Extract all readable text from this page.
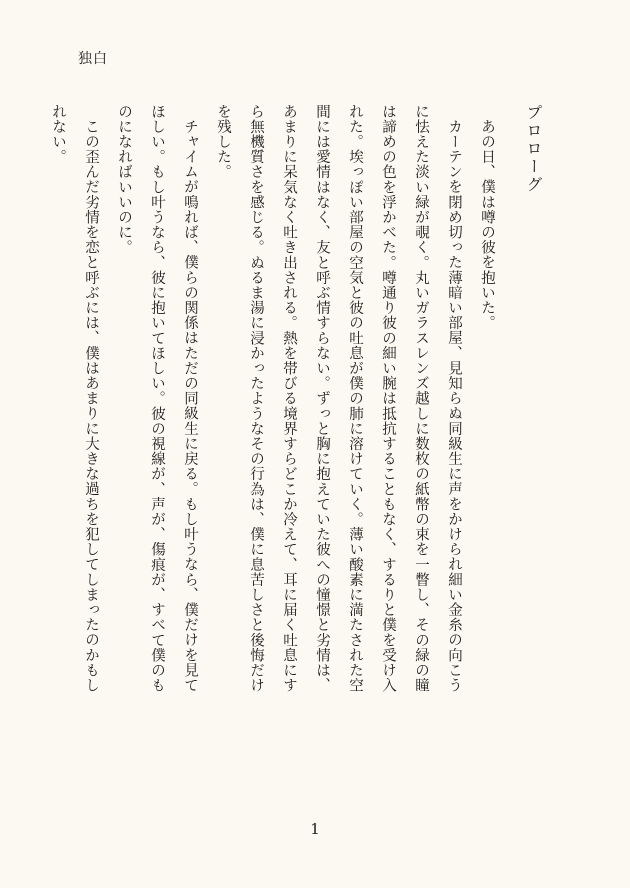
独白
プロローグ

あの日、僕は噂の彼を抱いた。

カーテンを閉め切った薄暗い部屋、見知らぬ同級生に声をかけられ細い金糸の向こう
に怯えた淡い緑が覗く。丸いガラスレンズ越しに数枚の紙幣の束を一瞥し、その緑の瞳
は諦めの色を浮かべた。噂通り彼の細い腕は抵抗することもなく、するりと僕を受け入
れた。埃っぽい部屋の空気と彼の吐息が僕の肺に溶けていく。薄い酸素に満たされた空
間には愛情はなく、友と呼ぶ情すらない。ずっと胸に抱えていた彼への憧憬と劣情は、
あまりに呆気なく吐き出される。熱を帯びる境界すらどこか冷えて、耳に届く吐息にす
ら無機質さを感じる。ぬるま湯に浸かったようなその行為は、僕に息苦しさと後悔だけ
を残した。

チャイムが鳴れば、僕らの関係はただの同級生に戻る。もし叶うなら、僕だけを見て
ほしい。もし叶うなら、彼に抱いてほしい。彼の視線が、声が、傷痕が、すべて僕のも
のになればいいのに。

この歪んだ劣情を恋と呼ぶには、僕はあまりに大きな過ちを犯してしまったのかもし
れない。

1
